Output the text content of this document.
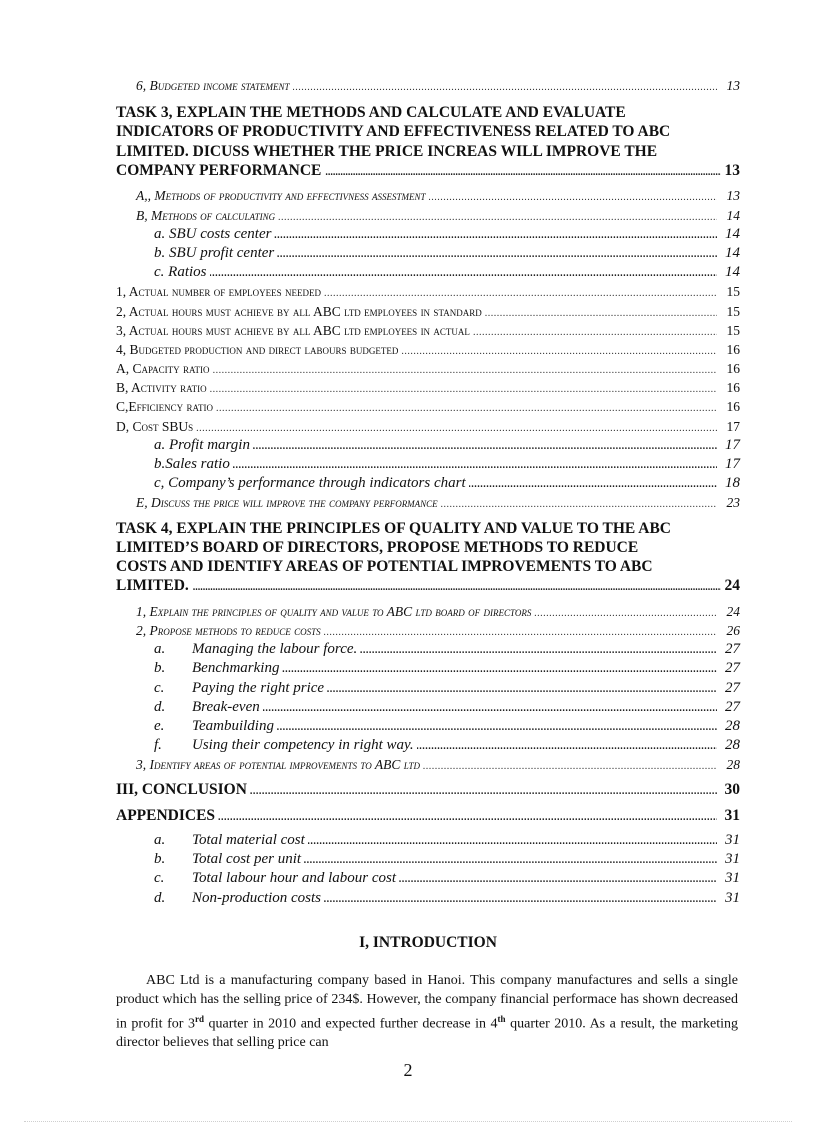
6, Budgeted income statement .....	13
TASK 3, EXPLAIN THE METHODS AND CALCULATE AND EVALUATE
INDICATORS OF PRODUCTIVITY AND EFFECTIVENESS RELATED TO ABC
LIMITED. DICUSS WHETHER THE PRICE INCREAS WILL IMPROVE THE
COMPANY PERFORMANCE .....	13
A,, Methods of productivity and effectivness assestment .....	13
B, Methods of calculating .....	14
a. SBU costs center .....	14
b. SBU profit center .....	14
c. Ratios .....	14
1, Actual number of employees needed .....	15
2, Actual hours must achieve by all ABC ltd employees in standard .....	15
3, Actual hours must achieve by all ABC ltd employees in actual .....	15
4, Budgeted production and direct labours budgeted .....	16
A, Capacity ratio .....	16
B, Activity ratio .....	16
C,Efficiency ratio .....	16
D, Cost SBUs .....	17
a. Profit margin .....	17
b.Sales ratio .....	17
c, Company’s performance through indicators chart .....	18
E, Discuss the price will improve the company performance .....	23
TASK 4, EXPLAIN THE PRINCIPLES OF QUALITY AND VALUE TO THE ABC
LIMITED’S BOARD OF DIRECTORS, PROPOSE METHODS TO REDUCE
COSTS AND IDENTIFY AREAS OF POTENTIAL IMPROVEMENTS TO ABC
LIMITED. .....	24
1, Explain the principles of quality and value to ABC ltd board of directors .....	24
2, Propose methods to reduce costs .....	26
a. Managing the labour force. .....	27
b. Benchmarking .....	27
c. Paying the right price .....	27
d. Break-even .....	27
e. Teambuilding .....	28
f. Using their competency in right way. .....	28
3, Identify areas of potential improvements to ABC ltd .....	28
III, CONCLUSION .....	30
APPENDICES .....	31
a. Total material cost .....	31
b. Total cost per unit .....	31
c. Total labour hour and labour cost .....	31
d. Non-production costs .....	31
I, INTRODUCTION
ABC Ltd is a manufacturing company based in Hanoi. This company manufactures and sells a single product which has the selling price of 234$. However, the company financial performace has shown decreased in profit for 3rd quarter in 2010 and expected further decrease in 4th quarter 2010. As a result, the marketing director believes that selling price can
2
